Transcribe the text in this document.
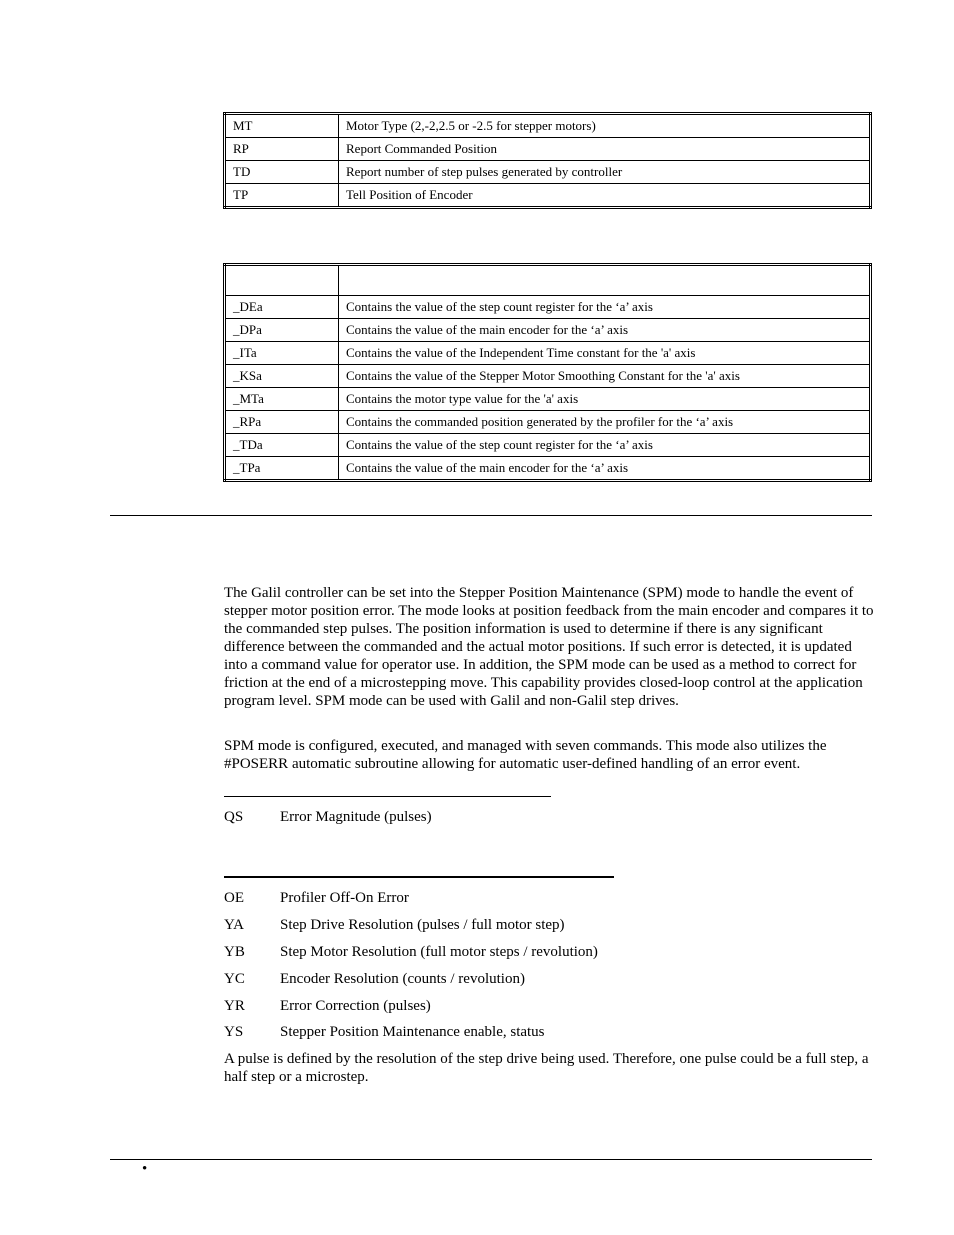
MT	Motor Type (2,-2,2.5 or -2.5 for stepper motors)
RP	Report Commanded Position
TD	Report number of step pulses generated by controller
TP	Tell Position of Encoder

_DEa	Contains the value of the step count register for the ‘a’ axis
_DPa	Contains the value of the main encoder for the ‘a’ axis
_ITa	Contains the value of the Independent Time constant for the 'a' axis
_KSa	Contains the value of the Stepper Motor Smoothing Constant for the 'a' axis
_MTa	Contains the motor type value for the 'a' axis
_RPa	Contains the commanded position generated by the profiler for the ‘a’ axis
_TDa	Contains the value of the step count register for the ‘a’ axis
_TPa	Contains the value of the main encoder for the ‘a’ axis

The Galil controller can be set into the Stepper Position Maintenance (SPM) mode to handle the event of stepper motor position error. The mode looks at position feedback from the main encoder and compares it to the commanded step pulses. The position information is used to determine if there is any significant difference between the commanded and the actual motor positions. If such error is detected, it is updated into a command value for operator use. In addition, the SPM mode can be used as a method to correct for friction at the end of a microstepping move. This capability provides closed-loop control at the application program level. SPM mode can be used with Galil and non-Galil step drives.

SPM mode is configured, executed, and managed with seven commands. This mode also utilizes the #POSERR automatic subroutine allowing for automatic user-defined handling of an error event.

QS Error Magnitude (pulses)
OE Profiler Off-On Error
YA Step Drive Resolution (pulses / full motor step)
YB Step Motor Resolution (full motor steps / revolution)
YC Encoder Resolution (counts / revolution)
YR Error Correction (pulses)
YS Stepper Position Maintenance enable, status

A pulse is defined by the resolution of the step drive being used. Therefore, one pulse could be a full step, a half step or a microstep.

•
